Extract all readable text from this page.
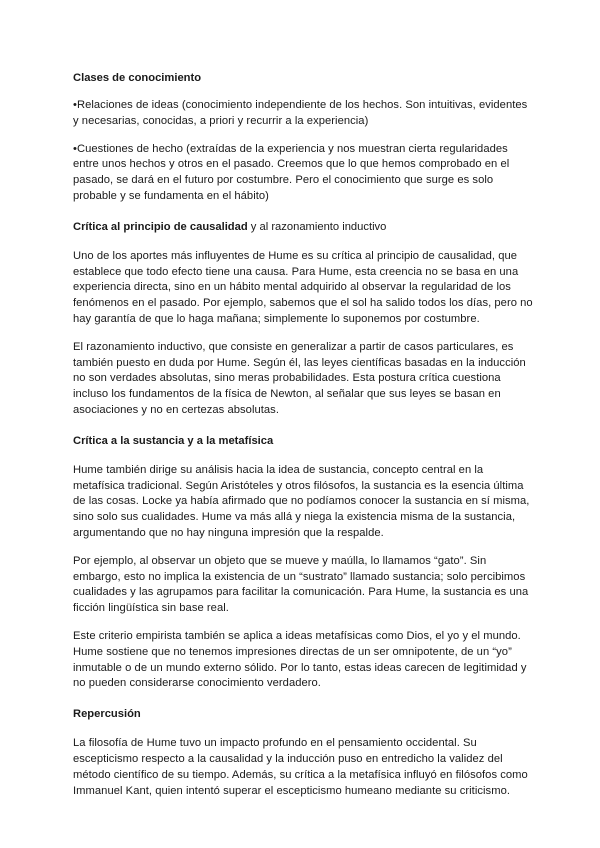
Clases de conocimiento

•Relaciones de ideas (conocimiento independiente de los hechos. Son intuitivas, evidentes y necesarias, conocidas, a priori y recurrir a la experiencia)

•Cuestiones de hecho (extraídas de la experiencia y nos muestran cierta regularidades entre unos hechos y otros en el pasado. Creemos que lo que hemos comprobado en el pasado, se dará en el futuro por costumbre. Pero el conocimiento que surge es solo probable y se fundamenta en el hábito)

Crítica al principio de causalidad y al razonamiento inductivo

Uno de los aportes más influyentes de Hume es su crítica al principio de causalidad, que establece que todo efecto tiene una causa. Para Hume, esta creencia no se basa en una experiencia directa, sino en un hábito mental adquirido al observar la regularidad de los fenómenos en el pasado. Por ejemplo, sabemos que el sol ha salido todos los días, pero no hay garantía de que lo haga mañana; simplemente lo suponemos por costumbre.

El razonamiento inductivo, que consiste en generalizar a partir de casos particulares, es también puesto en duda por Hume. Según él, las leyes científicas basadas en la inducción no son verdades absolutas, sino meras probabilidades. Esta postura crítica cuestiona incluso los fundamentos de la física de Newton, al señalar que sus leyes se basan en asociaciones y no en certezas absolutas.

Crítica a la sustancia y a la metafísica

Hume también dirige su análisis hacia la idea de sustancia, concepto central en la metafísica tradicional. Según Aristóteles y otros filósofos, la sustancia es la esencia última de las cosas. Locke ya había afirmado que no podíamos conocer la sustancia en sí misma, sino solo sus cualidades. Hume va más allá y niega la existencia misma de la sustancia, argumentando que no hay ninguna impresión que la respalde.

Por ejemplo, al observar un objeto que se mueve y maúlla, lo llamamos “gato”. Sin embargo, esto no implica la existencia de un “sustrato” llamado sustancia; solo percibimos cualidades y las agrupamos para facilitar la comunicación. Para Hume, la sustancia es una ficción lingüística sin base real.

Este criterio empirista también se aplica a ideas metafísicas como Dios, el yo y el mundo. Hume sostiene que no tenemos impresiones directas de un ser omnipotente, de un “yo” inmutable o de un mundo externo sólido. Por lo tanto, estas ideas carecen de legitimidad y no pueden considerarse conocimiento verdadero.

Repercusión

La filosofía de Hume tuvo un impacto profundo en el pensamiento occidental. Su escepticismo respecto a la causalidad y la inducción puso en entredicho la validez del método científico de su tiempo. Además, su crítica a la metafísica influyó en filósofos como Immanuel Kant, quien intentó superar el escepticismo humeano mediante su criticismo.
